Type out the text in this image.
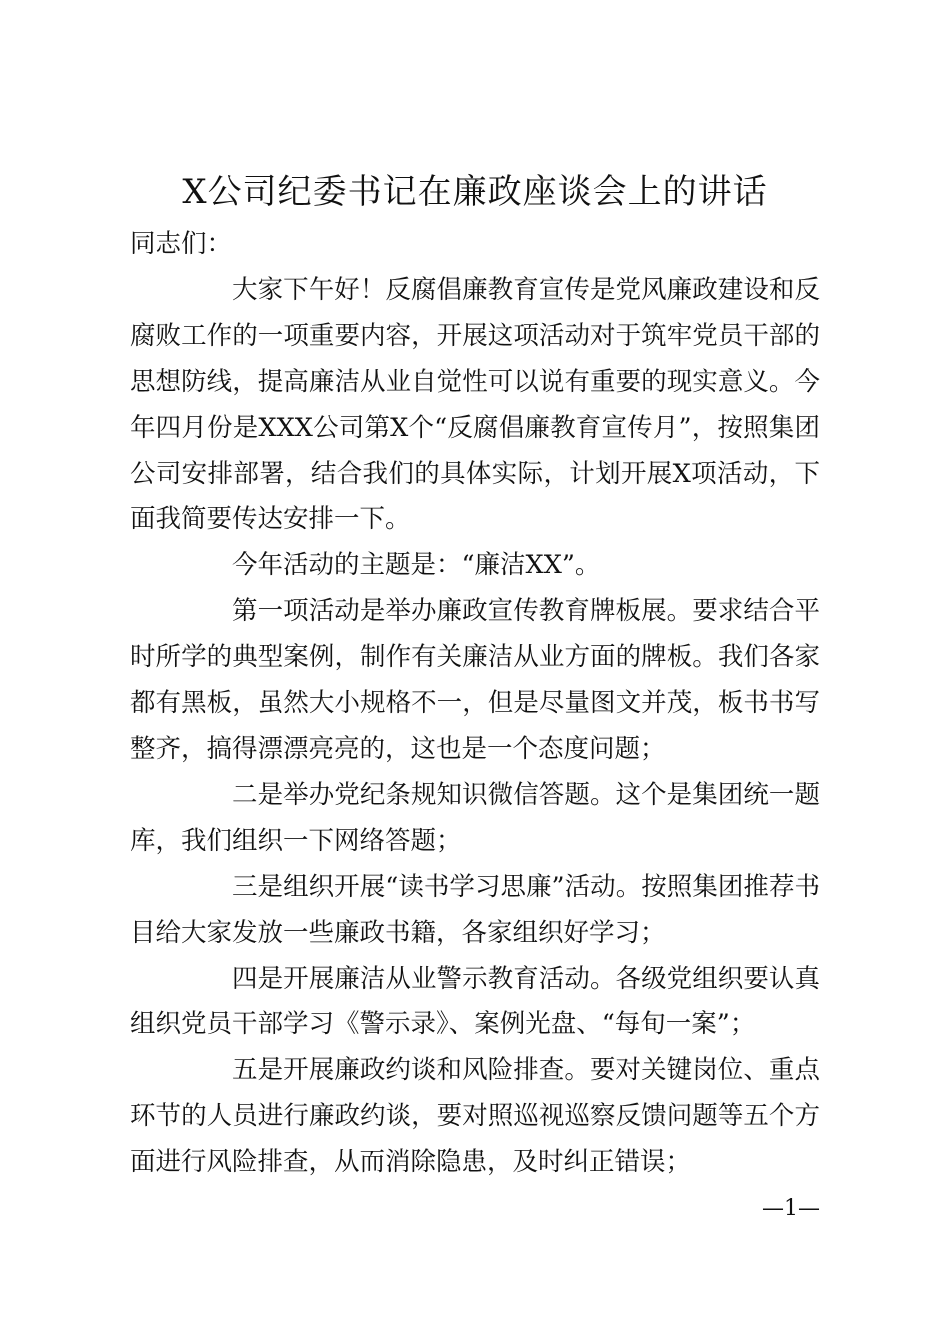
X公司纪委书记在廉政座谈会上的讲话

同志们：

大家下午好！反腐倡廉教育宣传是党风廉政建设和反腐败工作的一项重要内容，开展这项活动对于筑牢党员干部的思想防线，提高廉洁从业自觉性可以说有重要的现实意义。今年四月份是XXX公司第X个“反腐倡廉教育宣传月”，按照集团公司安排部署，结合我们的具体实际，计划开展X项活动，下面我简要传达安排一下。

今年活动的主题是：“廉洁XX”。

第一项活动是举办廉政宣传教育牌板展。要求结合平时所学的典型案例，制作有关廉洁从业方面的牌板。我们各家都有黑板，虽然大小规格不一，但是尽量图文并茂，板书书写整齐，搞得漂漂亮亮的，这也是一个态度问题；

二是举办党纪条规知识微信答题。这个是集团统一题库，我们组织一下网络答题；

三是组织开展“读书学习思廉”活动。按照集团推荐书目给大家发放一些廉政书籍，各家组织好学习；

四是开展廉洁从业警示教育活动。各级党组织要认真组织党员干部学习《警示录》、案例光盘、“每旬一案”；

五是开展廉政约谈和风险排查。要对关键岗位、重点环节的人员进行廉政约谈，要对照巡视巡察反馈问题等五个方面进行风险排查，从而消除隐患，及时纠正错误；

—1—
